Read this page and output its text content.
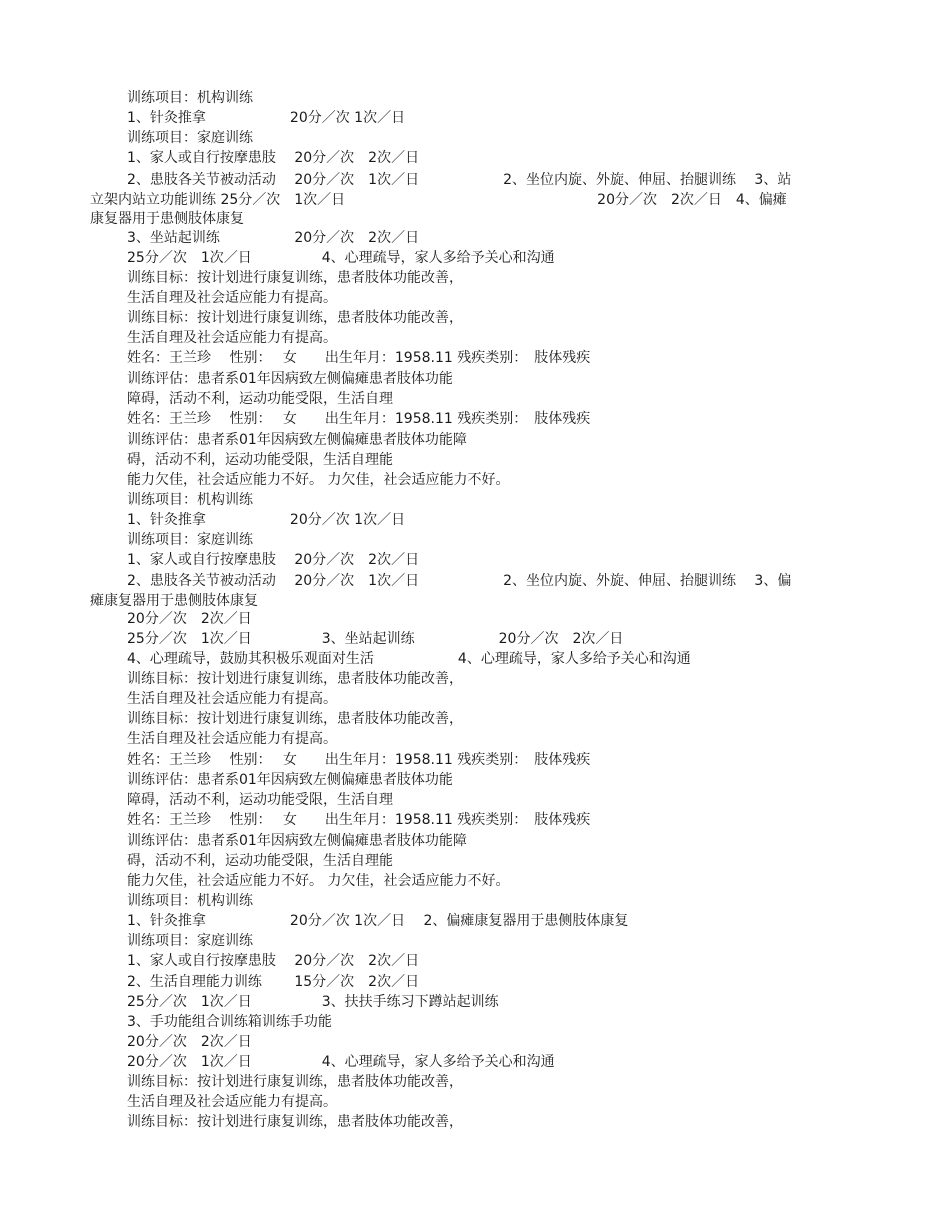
训练项目：机构训练
1、针灸推拿　　　　　　20分／次 1次／日
训练项目：家庭训练
1、家人或自行按摩患肢　 20分／次　2次／日
2、患肢各关节被动活动　 20分／次　1次／日　　　　　　2、坐位内旋、外旋、伸屈、抬腿训练　 3、站
立架内站立功能训练 25分／次　1次／日　　　　　　　　　　　　　　　　　　20分／次　2次／日　4、偏瘫
康复器用于患侧肢体康复
3、坐站起训练　　　　　 20分／次　2次／日
25分／次　1次／日　　　　　4、心理疏导，家人多给予关心和沟通
训练目标：按计划进行康复训练，患者肢体功能改善，
生活自理及社会适应能力有提高。
训练目标：按计划进行康复训练，患者肢体功能改善，
生活自理及社会适应能力有提高。
姓名：王兰珍　 性别：　 女　　出生年月：1958.11 残疾类别：　肢体残疾
训练评估：患者系01年因病致左侧偏瘫患者肢体功能
障碍，活动不利，运动功能受限，生活自理
姓名：王兰珍　 性别：　 女　　出生年月：1958.11 残疾类别：　肢体残疾
训练评估：患者系01年因病致左侧偏瘫患者肢体功能障
碍，活动不利，运动功能受限，生活自理能
能力欠佳，社会适应能力不好。 力欠佳，社会适应能力不好。
训练项目：机构训练
1、针灸推拿　　　　　　20分／次 1次／日
训练项目：家庭训练
1、家人或自行按摩患肢　 20分／次　2次／日
2、患肢各关节被动活动　 20分／次　1次／日　　　　　　2、坐位内旋、外旋、伸屈、抬腿训练　 3、偏
瘫康复器用于患侧肢体康复
20分／次　2次／日
25分／次　1次／日　　　　　3、坐站起训练　　　　　　20分／次　2次／日
4、心理疏导，鼓励其积极乐观面对生活　　　　　　4、心理疏导，家人多给予关心和沟通
训练目标：按计划进行康复训练，患者肢体功能改善，
生活自理及社会适应能力有提高。
训练目标：按计划进行康复训练，患者肢体功能改善，
生活自理及社会适应能力有提高。
姓名：王兰珍　 性别：　 女　　出生年月：1958.11 残疾类别：　肢体残疾
训练评估：患者系01年因病致左侧偏瘫患者肢体功能
障碍，活动不利，运动功能受限，生活自理
姓名：王兰珍　 性别：　 女　　出生年月：1958.11 残疾类别：　肢体残疾
训练评估：患者系01年因病致左侧偏瘫患者肢体功能障
碍，活动不利，运动功能受限，生活自理能
能力欠佳，社会适应能力不好。 力欠佳，社会适应能力不好。
训练项目：机构训练
1、针灸推拿　　　　　　20分／次 1次／日　 2、偏瘫康复器用于患侧肢体康复
训练项目：家庭训练
1、家人或自行按摩患肢　 20分／次　2次／日
2、生活自理能力训练　　 15分／次　2次／日
25分／次　1次／日　　　　　3、扶扶手练习下蹲站起训练
3、手功能组合训练箱训练手功能
20分／次　2次／日
20分／次　1次／日　　　　　4、心理疏导，家人多给予关心和沟通
训练目标：按计划进行康复训练，患者肢体功能改善，
生活自理及社会适应能力有提高。
训练目标：按计划进行康复训练，患者肢体功能改善，
